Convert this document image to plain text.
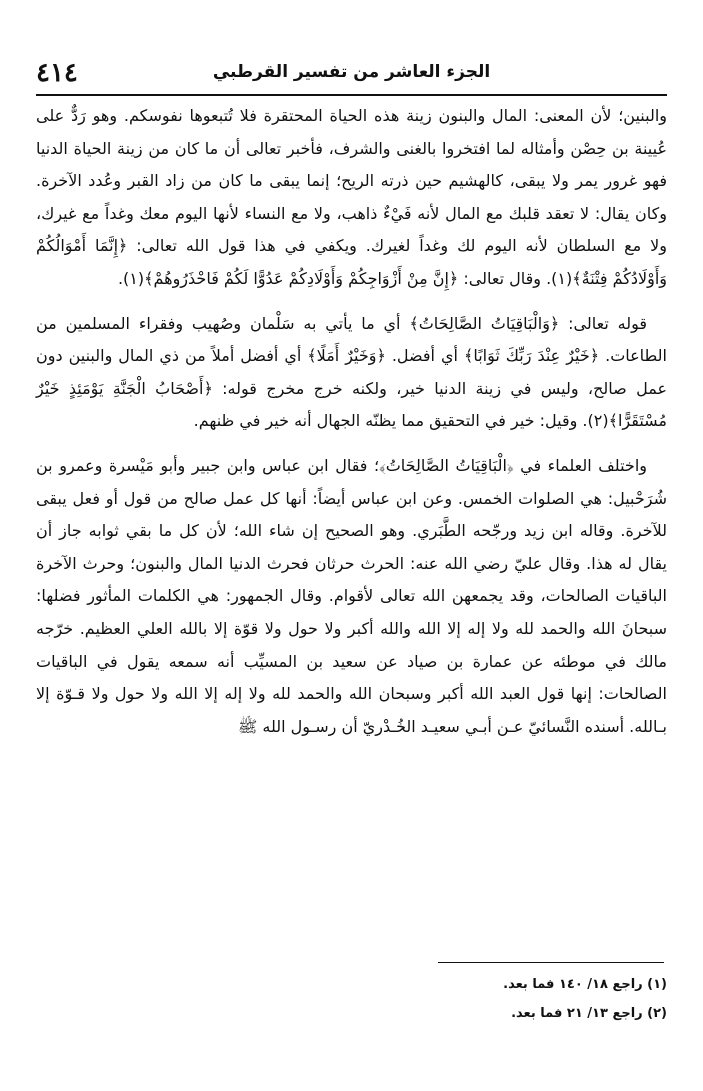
٤١٤	الجزء العاشر من تفسير القرطبي

والبنين؛ لأن المعنى: المال والبنون زينة هذه الحياة المحتقرة فلا تُتبعوها نفوسكم. وهو رَدٌّ على عُيينة بن حِصْن وأمثاله لما افتخروا بالغنى والشرف، فأخبر تعالى أن ما كان من زينة الحياة الدنيا فهو غرور يمر ولا يبقى، كالهشيم حين ذرته الريح؛ إنما يبقى ما كان من زاد القبر وعُدد الآخرة. وكان يقال: لا تعقد قلبك مع المال لأنه فَيْءٌ ذاهب، ولا مع النساء لأنها اليوم معك وغداً مع غيرك، ولا مع السلطان لأنه اليوم لك وغداً لغيرك. ويكفي في هذا قول الله تعالى: ﴿إِنَّمَا أَمْوَالُكُمْ وَأَوْلَادُكُمْ فِتْنَةٌ﴾(١). وقال تعالى: ﴿إِنَّ مِنْ أَزْوَاجِكُمْ وَأَوْلَادِكُمْ عَدُوًّا لَكُمْ فَاحْذَرُوهُمْ﴾(١).

قوله تعالى: ﴿وَالْبَاقِيَاتُ الصَّالِحَاتُ﴾ أي ما يأتي به سَلْمان وصُهيب وفقراء المسلمين من الطاعات. ﴿خَيْرٌ عِنْدَ رَبِّكَ ثَوَابًا﴾ أي أفضل. ﴿وَخَيْرٌ أَمَلًا﴾ أي أفضل أملاً من ذي المال والبنين دون عمل صالح، وليس في زينة الدنيا خير، ولكنه خرج مخرج قوله: ﴿أَصْحَابُ الْجَنَّةِ يَوْمَئِذٍ خَيْرٌ مُسْتَقَرًّا﴾(٢). وقيل: خير في التحقيق مما يظنّه الجهال أنه خير في ظنهم.

واختلف العلماء في ﴿الْبَاقِيَاتُ الصَّالِحَاتُ﴾؛ فقال ابن عباس وابن جبير وأبو مَيْسرة وعمرو بن شُرَحْبيل: هي الصلوات الخمس. وعن ابن عباس أيضاً: أنها كل عمل صالح من قول أو فعل يبقى للآخرة. وقاله ابن زيد ورجّحه الطَّبَري. وهو الصحيح إن شاء الله؛ لأن كل ما بقي ثوابه جاز أن يقال له هذا. وقال عليّ رضي الله عنه: الحرث حرثان فحرث الدنيا المال والبنون؛ وحرث الآخرة الباقيات الصالحات، وقد يجمعهن الله تعالى لأقوام. وقال الجمهور: هي الكلمات المأثور فضلها: سبحانَ الله والحمد لله ولا إله إلا الله والله أكبر ولا حول ولا قوّة إلا بالله العلي العظيم. خرّجه مالك في موطئه عن عمارة بن صياد عن سعيد بن المسيِّب أنه سمعه يقول في الباقيات الصالحات: إنها قول العبد الله أكبر وسبحان الله والحمد لله ولا إله إلا الله ولا حول ولا قـوّة إلا بـالله. أسنده النَّسائيّ عـن أبـي سعيـد الخُـدْريّ أن رسـول الله ﷺ

(١) راجع ١٨/ ١٤٠ فما بعد.

(٢) راجع ١٣/ ٢١ فما بعد.
